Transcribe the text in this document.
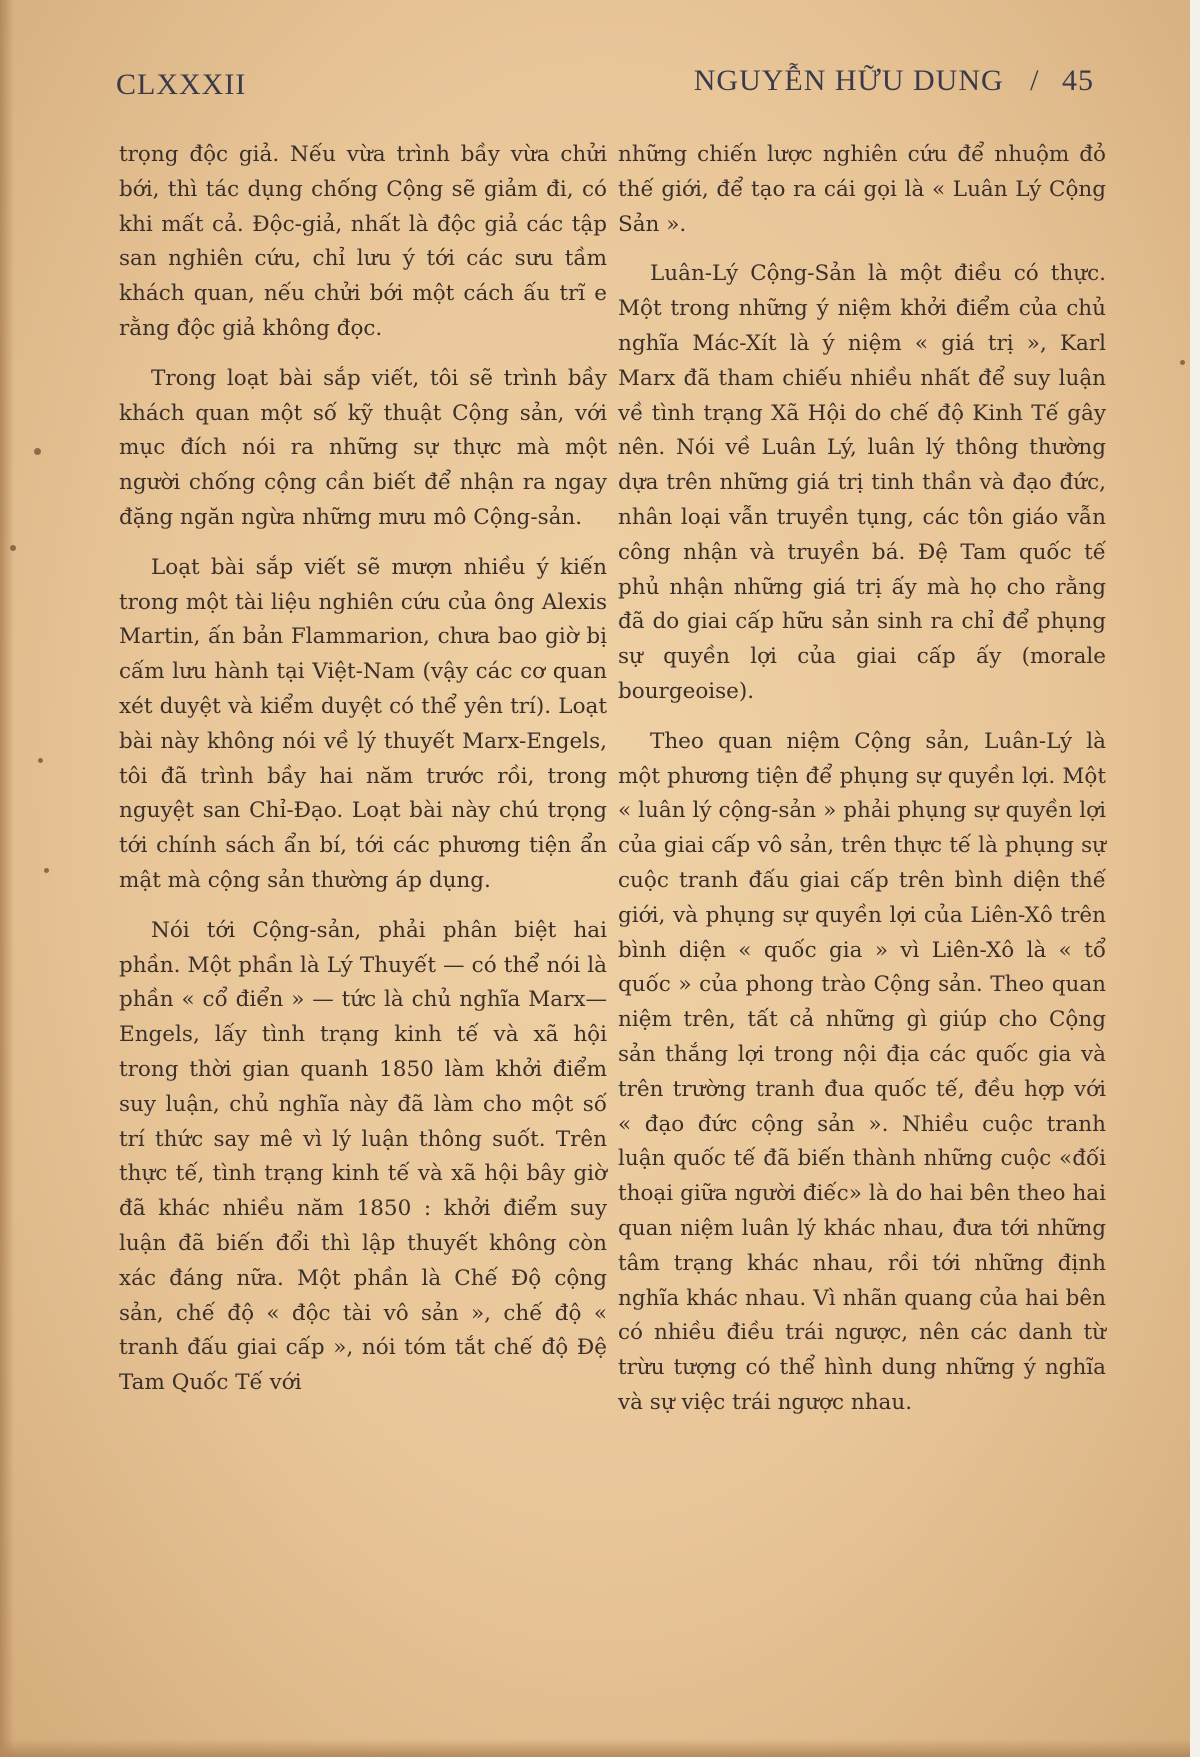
CLXXXII	NGUYỄN HỮU DUNG / 45

trọng độc giả. Nếu vừa trình bầy vừa chửi bới, thì tác dụng chống Cộng sẽ giảm đi, có khi mất cả. Độc-giả, nhất là độc giả các tập san nghiên cứu, chỉ lưu ý tới các sưu tầm khách quan, nếu chửi bới một cách ấu trĩ e rằng độc giả không đọc.

Trong loạt bài sắp viết, tôi sẽ trình bầy khách quan một số kỹ thuật Cộng sản, với mục đích nói ra những sự thực mà một người chống cộng cần biết để nhận ra ngay đặng ngăn ngừa những mưu mô Cộng-sản.

Loạt bài sắp viết sẽ mượn nhiều ý kiến trong một tài liệu nghiên cứu của ông Alexis Martin, ấn bản Flammarion, chưa bao giờ bị cấm lưu hành tại Việt-Nam (vậy các cơ quan xét duyệt và kiểm duyệt có thể yên trí). Loạt bài này không nói về lý thuyết Marx-Engels, tôi đã trình bầy hai năm trước rồi, trong nguyệt san Chỉ-Đạo. Loạt bài này chú trọng tới chính sách ẩn bí, tới các phương tiện ẩn mật mà cộng sản thường áp dụng.

Nói tới Cộng-sản, phải phân biệt hai phần. Một phần là Lý Thuyết — có thể nói là phần « cổ điển » — tức là chủ nghĩa Marx—Engels, lấy tình trạng kinh tế và xã hội trong thời gian quanh 1850 làm khởi điểm suy luận, chủ nghĩa này đã làm cho một số trí thức say mê vì lý luận thông suốt. Trên thực tế, tình trạng kinh tế và xã hội bây giờ đã khác nhiều năm 1850 : khởi điểm suy luận đã biến đổi thì lập thuyết không còn xác đáng nữa. Một phần là Chế Độ cộng sản, chế độ « độc tài vô sản », chế độ « tranh đấu giai cấp », nói tóm tắt chế độ Đệ Tam Quốc Tế với

những chiến lược nghiên cứu để nhuộm đỏ thế giới, để tạo ra cái gọi là « Luân Lý Cộng Sản ».

Luân-Lý Cộng-Sản là một điều có thực. Một trong những ý niệm khởi điểm của chủ nghĩa Mác-Xít là ý niệm « giá trị », Karl Marx đã tham chiếu nhiều nhất để suy luận về tình trạng Xã Hội do chế độ Kinh Tế gây nên. Nói về Luân Lý, luân lý thông thường dựa trên những giá trị tinh thần và đạo đức, nhân loại vẫn truyền tụng, các tôn giáo vẫn công nhận và truyền bá. Đệ Tam quốc tế phủ nhận những giá trị ấy mà họ cho rằng đã do giai cấp hữu sản sinh ra chỉ để phụng sự quyền lợi của giai cấp ấy (morale bourgeoise).

Theo quan niệm Cộng sản, Luân-Lý là một phương tiện để phụng sự quyền lợi. Một « luân lý cộng-sản » phải phụng sự quyền lợi của giai cấp vô sản, trên thực tế là phụng sự cuộc tranh đấu giai cấp trên bình diện thế giới, và phụng sự quyền lợi của Liên-Xô trên bình diện « quốc gia » vì Liên-Xô là « tổ quốc » của phong trào Cộng sản. Theo quan niệm trên, tất cả những gì giúp cho Cộng sản thắng lợi trong nội địa các quốc gia và trên trường tranh đua quốc tế, đều hợp với « đạo đức cộng sản ». Nhiều cuộc tranh luận quốc tế đã biến thành những cuộc «đối thoại giữa người điếc» là do hai bên theo hai quan niệm luân lý khác nhau, đưa tới những tâm trạng khác nhau, rồi tới những định nghĩa khác nhau. Vì nhãn quang của hai bên có nhiều điều trái ngược, nên các danh từ trừu tượng có thể hình dung những ý nghĩa và sự việc trái ngược nhau.
